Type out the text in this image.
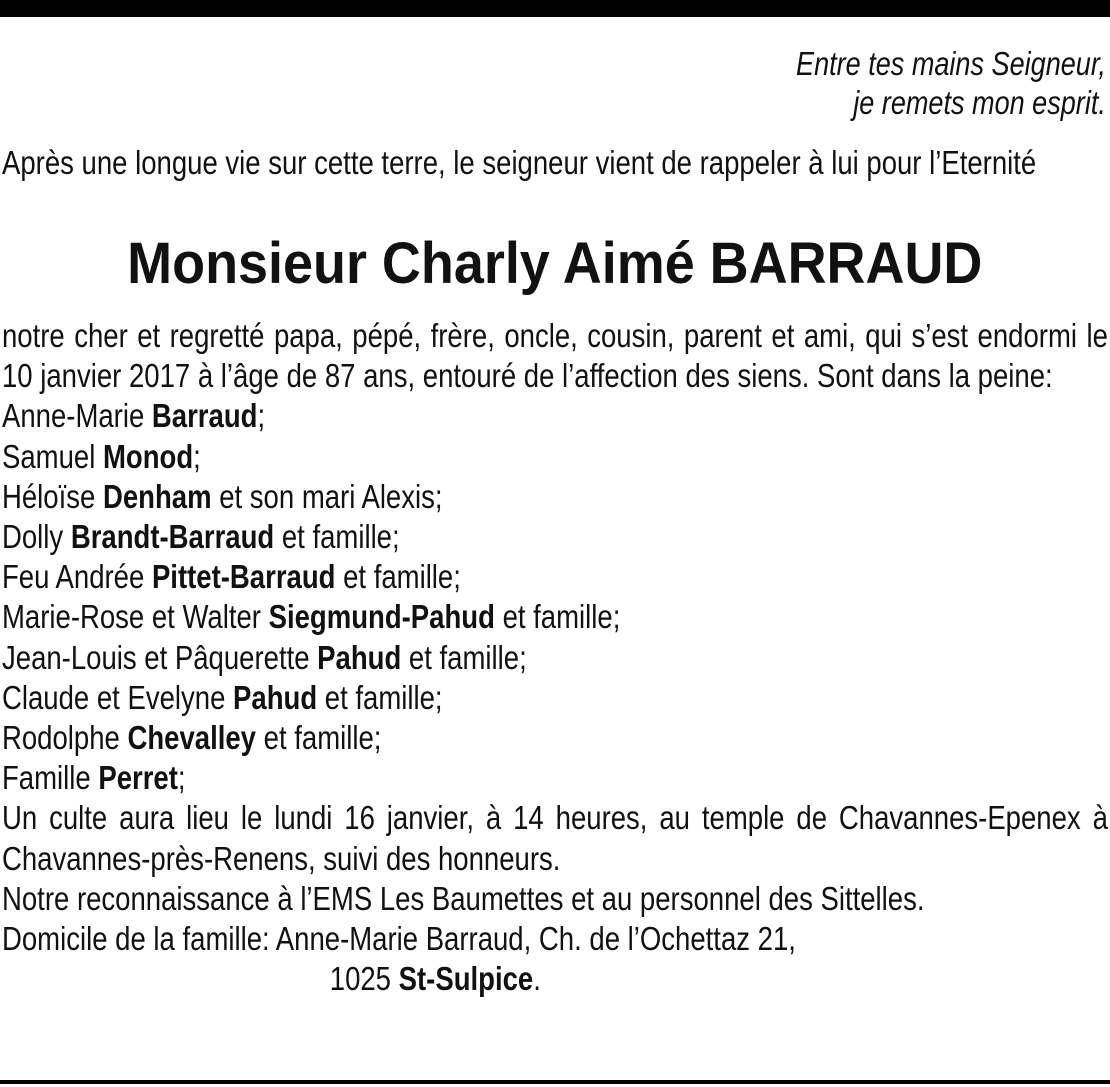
Entre tes mains Seigneur,
je remets mon esprit.
Après une longue vie sur cette terre, le seigneur vient de rappeler à lui pour l’Eternité
Monsieur Charly Aimé BARRAUD
notre cher et regretté papa, pépé, frère, oncle, cousin, parent et ami, qui s’est endormi le 10 janvier 2017 à l’âge de 87 ans, entouré de l’affection des siens. Sont dans la peine:
Anne-Marie Barraud;
Samuel Monod;
Héloïse Denham et son mari Alexis;
Dolly Brandt-Barraud et famille;
Feu Andrée Pittet-Barraud et famille;
Marie-Rose et Walter Siegmund-Pahud et famille;
Jean-Louis et Pâquerette Pahud et famille;
Claude et Evelyne Pahud et famille;
Rodolphe Chevalley et famille;
Famille Perret;
Un culte aura lieu le lundi 16 janvier, à 14 heures, au temple de Chavannes-Epenex à Chavannes-près-Renens, suivi des honneurs.
Notre reconnaissance à l’EMS Les Baumettes et au personnel des Sittelles.
Domicile de la famille: Anne-Marie Barraud, Ch. de l’Ochettaz 21,
1025 St-Sulpice.
